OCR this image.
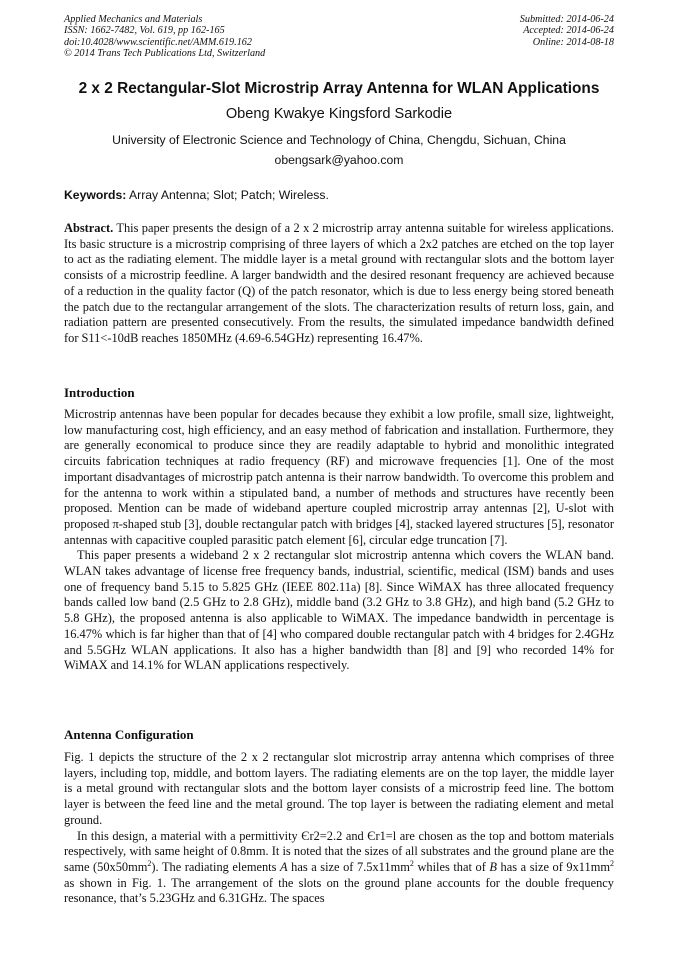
Applied Mechanics and Materials
ISSN: 1662-7482, Vol. 619, pp 162-165
doi:10.4028/www.scientific.net/AMM.619.162
© 2014 Trans Tech Publications Ltd, Switzerland
Submitted: 2014-06-24
Accepted: 2014-06-24
Online: 2014-08-18
2 x 2 Rectangular-Slot Microstrip Array Antenna for WLAN Applications
Obeng Kwakye Kingsford Sarkodie
University of Electronic Science and Technology of China, Chengdu, Sichuan, China
obengsark@yahoo.com
Keywords: Array Antenna; Slot; Patch; Wireless.

Abstract. This paper presents the design of a 2 x 2 microstrip array antenna suitable for wireless applications. Its basic structure is a microstrip comprising of three layers of which a 2x2 patches are etched on the top layer to act as the radiating element. The middle layer is a metal ground with rectangular slots and the bottom layer consists of a microstrip feedline. A larger bandwidth and the desired resonant frequency are achieved because of a reduction in the quality factor (Q) of the patch resonator, which is due to less energy being stored beneath the patch due to the rectangular arrangement of the slots. The characterization results of return loss, gain, and radiation pattern are presented consecutively. From the results, the simulated impedance bandwidth defined for S11<-10dB reaches 1850MHz (4.69-6.54GHz) representing 16.47%.

Introduction

Microstrip antennas have been popular for decades because they exhibit a low profile, small size, lightweight, low manufacturing cost, high efficiency, and an easy method of fabrication and installation. Furthermore, they are generally economical to produce since they are readily adaptable to hybrid and monolithic integrated circuits fabrication techniques at radio frequency (RF) and microwave frequencies [1]. One of the most important disadvantages of microstrip patch antenna is their narrow bandwidth. To overcome this problem and for the antenna to work within a stipulated band, a number of methods and structures have recently been proposed. Mention can be made of wideband aperture coupled microstrip array antennas [2], U-slot with proposed π-shaped stub [3], double rectangular patch with bridges [4], stacked layered structures [5], resonator antennas with capacitive coupled parasitic patch element [6], circular edge truncation [7].

This paper presents a wideband 2 x 2 rectangular slot microstrip antenna which covers the WLAN band. WLAN takes advantage of license free frequency bands, industrial, scientific, medical (ISM) bands and uses one of frequency band 5.15 to 5.825 GHz (IEEE 802.11a) [8]. Since WiMAX has three allocated frequency bands called low band (2.5 GHz to 2.8 GHz), middle band (3.2 GHz to 3.8 GHz), and high band (5.2 GHz to 5.8 GHz), the proposed antenna is also applicable to WiMAX. The impedance bandwidth in percentage is 16.47% which is far higher than that of [4] who compared double rectangular patch with 4 bridges for 2.4GHz and 5.5GHz WLAN applications. It also has a higher bandwidth than [8] and [9] who recorded 14% for WiMAX and 14.1% for WLAN applications respectively.

Antenna Configuration

Fig. 1 depicts the structure of the 2 x 2 rectangular slot microstrip array antenna which comprises of three layers, including top, middle, and bottom layers. The radiating elements are on the top layer, the middle layer is a metal ground with rectangular slots and the bottom layer consists of a microstrip feed line. The bottom layer is between the feed line and the metal ground. The top layer is between the radiating element and metal ground.

In this design, a material with a permittivity Єr2=2.2 and Єr1=l are chosen as the top and bottom materials respectively, with same height of 0.8mm. It is noted that the sizes of all substrates and the ground plane are the same $(50x50mm^2)$. The radiating elements A has a size of $7.5x11mm^2$ whiles that of B has a size of $9x11mm^2$ as shown in Fig. 1. The arrangement of the slots on the ground plane accounts for the double frequency resonance, that’s 5.23GHz and 6.31GHz. The spaces
